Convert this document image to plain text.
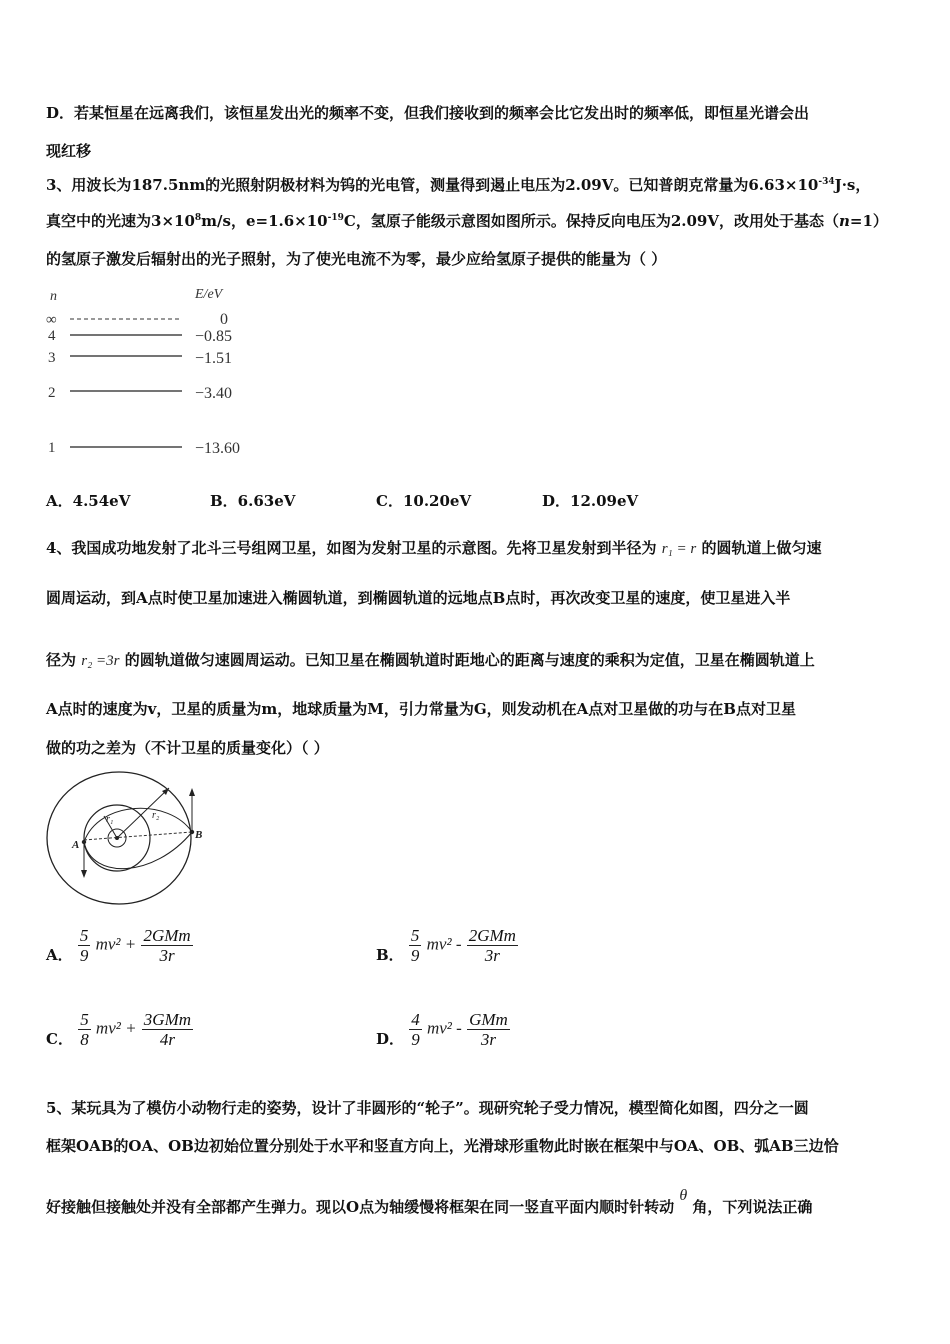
D．若某恒星在远离我们，该恒星发出光的频率不变，但我们接收到的频率会比它发出时的频率低，即恒星光谱会出
现红移
3、用波长为187.5nm的光照射阴极材料为钨的光电管，测量得到遏止电压为2.09V。已知普朗克常量为$6.63\times 10^{-34}J\cdot s$，
真空中的光速为$3\times 10^8m/s$，$e=1.6\times 10^{-19}C$，氢原子能级示意图如图所示。保持反向电压为2.09V，改用处于基态（n=1）
的氢原子激发后辐射出的光子照射，为了使光电流不为零，最少应给氢原子提供的能量为（ ）
n	E/eV
∞	0
4	−0.85
3	−1.51
2	−3.40
1	−13.60
A．4.54eV	B．6.63eV	C．10.20eV	D．12.09eV
4、我国成功地发射了北斗三号组网卫星，如图为发射卫星的示意图。先将卫星发射到半径为 r₁ = r 的圆轨道上做匀速
圆周运动，到A点时使卫星加速进入椭圆轨道，到椭圆轨道的远地点B点时，再次改变卫星的速度，使卫星进入半
径为 r₂ =3r 的圆轨道做匀速圆周运动。已知卫星在椭圆轨道时距地心的距离与速度的乘积为定值，卫星在椭圆轨道上
A点时的速度为v，卫星的质量为m，地球质量为M，引力常量为G，则发动机在A点对卫星做的功与在B点对卫星
做的功之差为（不计卫星的质量变化）（ ）
r₁	r₂
A
B
A． $\frac{5}{9} mv^2 + \frac{\text{2GMm}}{3r}$	B． $\frac{5}{9} mv^2 - \frac{\text{2GMm}}{3r}$
C． $\frac{5}{8} mv^2 + \frac{\text{3GMm}}{4r}$	D． $\frac{4}{9} mv^2 - \frac{\text{GMm}}{3r}$
5、某玩具为了模仿小动物行走的姿势，设计了非圆形的“轮子”。现研究轮子受力情况，模型简化如图，四分之一圆
框架OAB的OA、OB边初始位置分别处于水平和竖直方向上，光滑球形重物此时嵌在框架中与OA、OB、弧AB三边恰
好接触但接触处并没有全部都产生弹力。现以O点为轴缓慢将框架在同一竖直平面内顺时针转动 θ 角，下列说法正确
